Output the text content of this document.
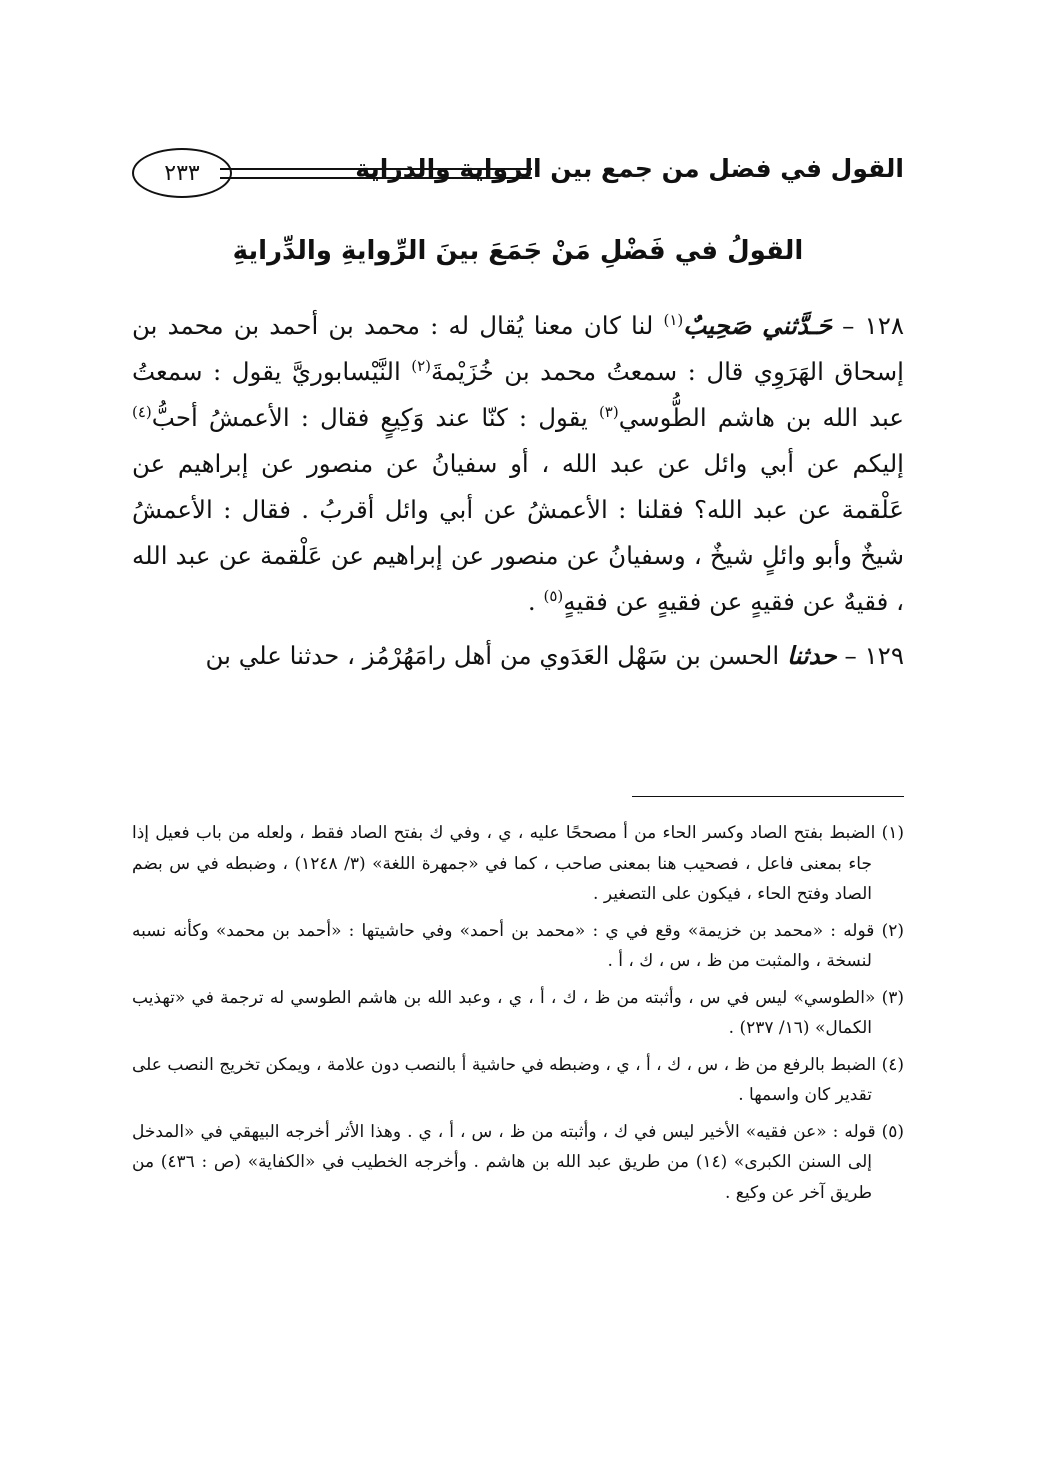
القول في فضل من جمع بين الرواية والدراية
٢٣٣
القولُ في فَضْلِ مَنْ جَمَعَ بينَ الرِّوايةِ والدِّرايةِ

١٢٨ – حَـدَّثني صَحِيبٌ$^{(١)}$ لنا كان معنا يُقال له : محمد بن أحمد بن محمد بن إسحاق الهَرَوِي قال : سمعتُ محمد بن خُزَيْمةَ$^{(٢)}$ النَّيْسابوريَّ يقول : سمعتُ عبد الله بن هاشم الطُّوسي$^{(٣)}$ يقول : كنّا عند وَكِيعٍ فقال : الأعمشُ أحبُّ$^{(٤)}$ إليكم عن أبي وائل عن عبد الله ، أو سفيانُ عن منصور عن إبراهيم عن عَلْقمة عن عبد الله؟ فقلنا : الأعمشُ عن أبي وائل أقربُ . فقال : الأعمشُ شيخٌ وأبو وائلٍ شيخٌ ، وسفيانُ عن منصور عن إبراهيم عن عَلْقمة عن عبد الله ، فقيهٌ عن فقيهٍ عن فقيهٍ عن فقيهٍ$^{(٥)}$ .

١٢٩ – حدثنا الحسن بن سَهْل العَدَوي من أهل رامَهُرْمُز ، حدثنا علي بن

(١) الضبط بفتح الصاد وكسر الحاء من أ مصححًا عليه ، ي ، وفي ك بفتح الصاد فقط ، ولعله من باب فعيل إذا جاء بمعنى فاعل ، فصحيب هنا بمعنى صاحب ، كما في «جمهرة اللغة» (٣/ ١٢٤٨) ، وضبطه في س بضم الصاد وفتح الحاء ، فيكون على التصغير .

(٢) قوله : «محمد بن خزيمة» وقع في ي : «محمد بن أحمد» وفي حاشيتها : «أحمد بن محمد» وكأنه نسبه لنسخة ، والمثبت من ظ ، س ، ك ، أ .

(٣) «الطوسي» ليس في س ، وأثبته من ظ ، ك ، أ ، ي ، وعبد الله بن هاشم الطوسي له ترجمة في «تهذيب الكمال» (١٦/ ٢٣٧) .

(٤) الضبط بالرفع من ظ ، س ، ك ، أ ، ي ، وضبطه في حاشية أ بالنصب دون علامة ، ويمكن تخريج النصب على تقدير كان واسمها .

(٥) قوله : «عن فقيه» الأخير ليس في ك ، وأثبته من ظ ، س ، أ ، ي . وهذا الأثر أخرجه البيهقي في «المدخل إلى السنن الكبرى» (١٤) من طريق عبد الله بن هاشم . وأخرجه الخطيب في «الكفاية» (ص : ٤٣٦) من طريق آخر عن وكيع .
